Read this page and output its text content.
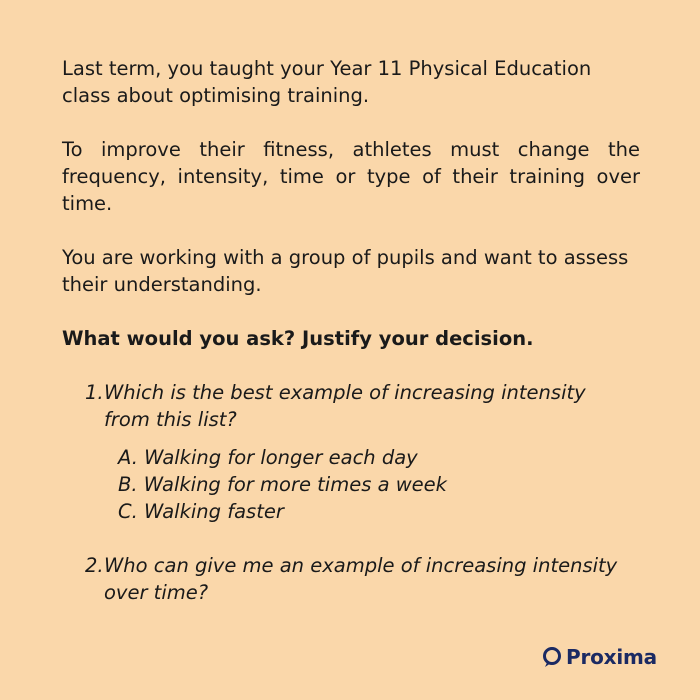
Last term, you taught your Year 11 Physical Education class about optimising training.

To improve their fitness, athletes must change the frequency, intensity, time or type of their training over time.

You are working with a group of pupils and want to assess their understanding.

What would you ask? Justify your decision.

1.Which is the best example of increasing intensity from this list?
A. Walking for longer each day
B. Walking for more times a week
C. Walking faster
2.Who can give me an example of increasing intensity over time?
Proxima
